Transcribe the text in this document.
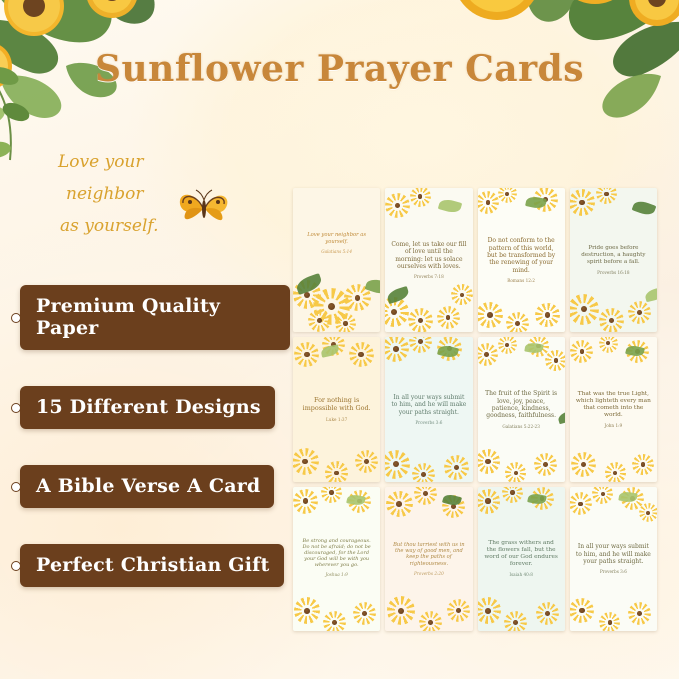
Sunflower Prayer Cards
Love your
neighbor
as yourself.
Premium Quality Paper
15 Different Designs
A Bible Verse A Card
Perfect Christian Gift
Love your neighbor as yourself.
Galatians 5:14
Come, let us take our fill of love until the morning: let us solace ourselves with loves.
Proverbs 7:18
Do not conform to the pattern of this world, but be transformed by the renewing of your mind.
Romans 12:2
Pride goes before destruction, a haughty spirit before a fall.
Proverbs 16:18
For nothing is impossible with God.
Luke 1:37
In all your ways submit to him, and he will make your paths straight.
Proverbs 3:6
The fruit of the Spirit is love, joy, peace, patience, kindness, goodness, faithfulness.
Galatians 5:22-23
That was the true Light, which lighteth every man that cometh into the world.
John 1:9
Be strong and courageous. Do not be afraid; do not be discouraged, for the Lord your God will be with you wherever you go.
Joshua 1:9
But thou tarriest with us in the way of good men, and keep the paths of righteousness.
Proverbs 2:20
The grass withers and the flowers fall, but the word of our God endures forever.
Isaiah 40:8
In all your ways submit to him, and he will make your paths straight.
Proverbs 3:6
